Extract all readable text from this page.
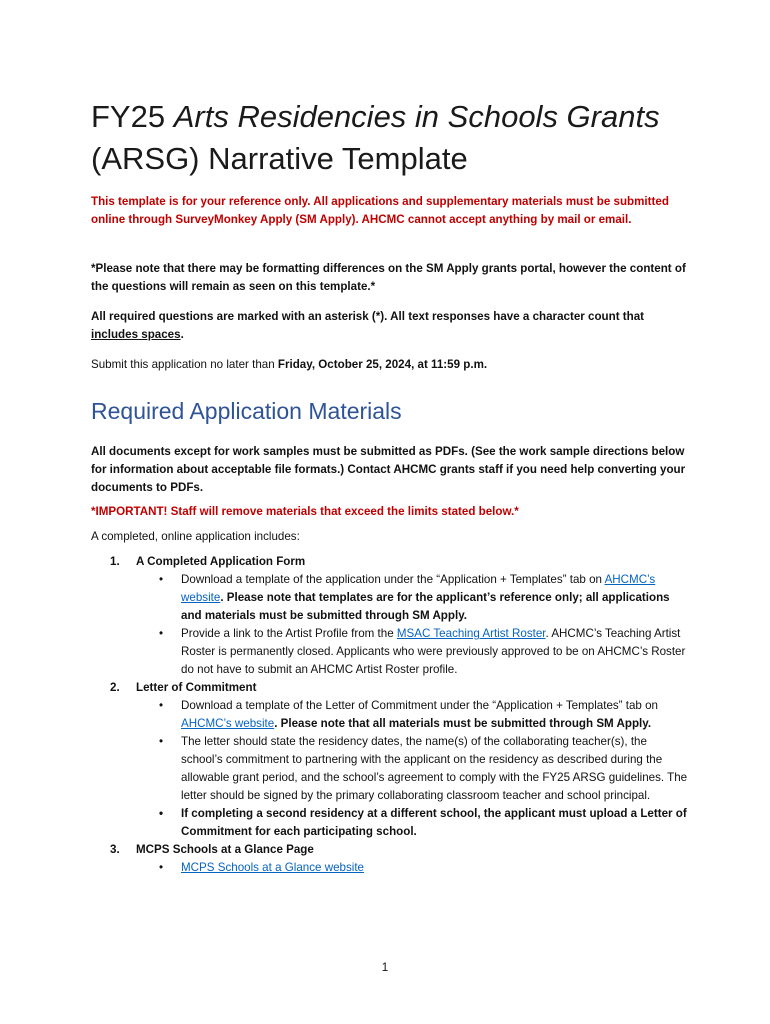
FY25 Arts Residencies in Schools Grants
(ARSG) Narrative Template

This template is for your reference only. All applications and supplementary materials must be submitted online through SurveyMonkey Apply (SM Apply). AHCMC cannot accept anything by mail or email.

*Please note that there may be formatting differences on the SM Apply grants portal, however the content of the questions will remain as seen on this template.*

All required questions are marked with an asterisk (*). All text responses have a character count that includes spaces.

Submit this application no later than Friday, October 25, 2024, at 11:59 p.m.

Required Application Materials

All documents except for work samples must be submitted as PDFs. (See the work sample directions below for information about acceptable file formats.) Contact AHCMC grants staff if you need help converting your documents to PDFs.

*IMPORTANT! Staff will remove materials that exceed the limits stated below.*

A completed, online application includes:

1.	A Completed Application Form
• Download a template of the application under the “Application + Templates” tab on AHCMC’s website. Please note that templates are for the applicant’s reference only; all applications and materials must be submitted through SM Apply.
• Provide a link to the Artist Profile from the MSAC Teaching Artist Roster. AHCMC’s Teaching Artist Roster is permanently closed. Applicants who were previously approved to be on AHCMC’s Roster do not have to submit an AHCMC Artist Roster profile.
2.	Letter of Commitment
• Download a template of the Letter of Commitment under the “Application + Templates” tab on AHCMC’s website. Please note that all materials must be submitted through SM Apply.
• The letter should state the residency dates, the name(s) of the collaborating teacher(s), the school’s commitment to partnering with the applicant on the residency as described during the allowable grant period, and the school’s agreement to comply with the FY25 ARSG guidelines. The letter should be signed by the primary collaborating classroom teacher and school principal.
• If completing a second residency at a different school, the applicant must upload a Letter of Commitment for each participating school.
3.	MCPS Schools at a Glance Page
• MCPS Schools at a Glance website
1
